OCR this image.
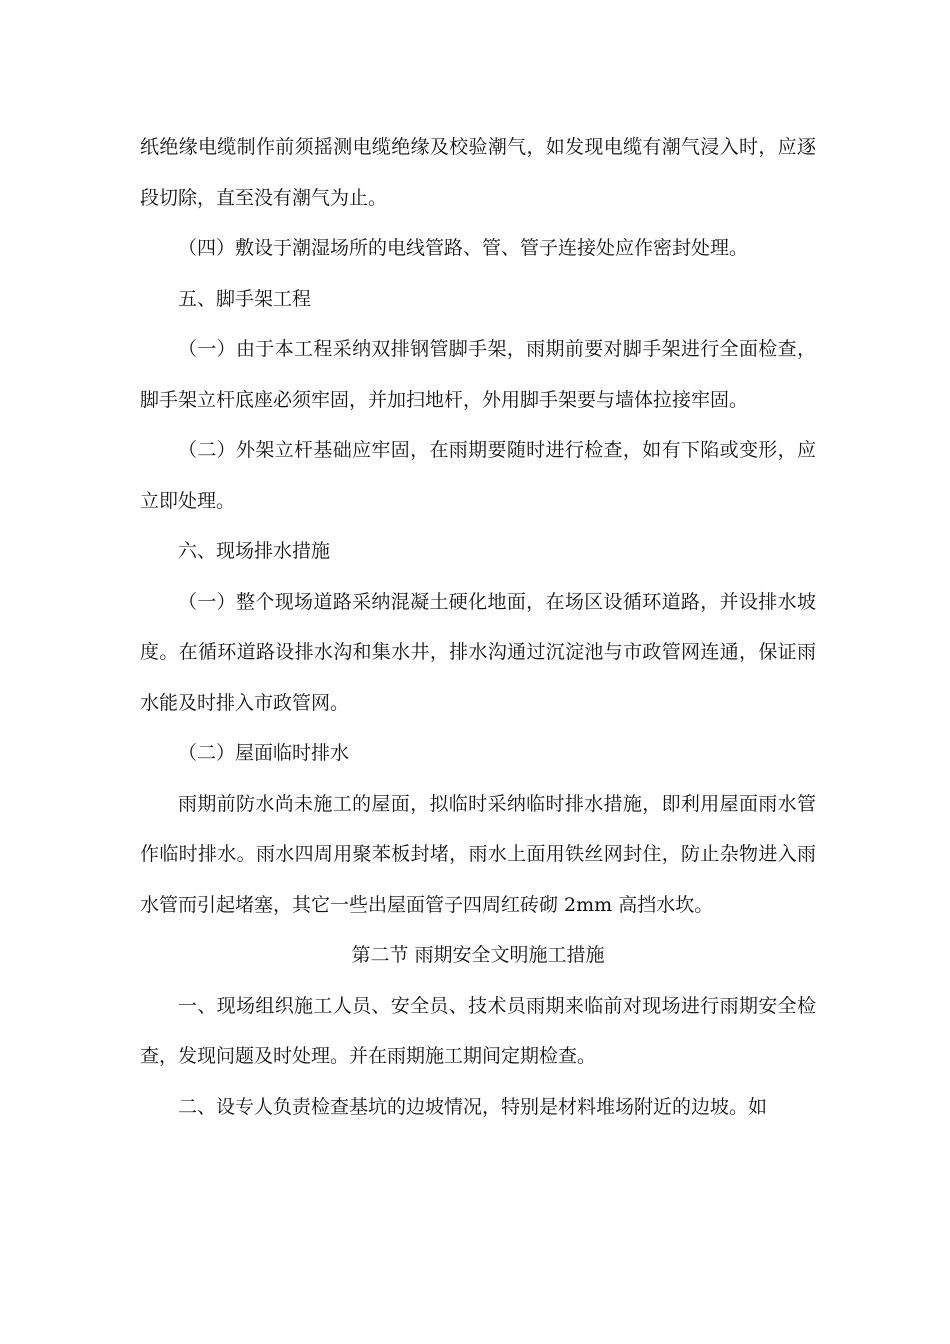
纸绝缘电缆制作前须摇测电缆绝缘及校验潮气，如发现电缆有潮气浸入时，应逐段切除，直至没有潮气为止。

（四）敷设于潮湿场所的电线管路、管、管子连接处应作密封处理。

五、脚手架工程

（一）由于本工程采纳双排钢管脚手架，雨期前要对脚手架进行全面检查，脚手架立杆底座必须牢固，并加扫地杆，外用脚手架要与墙体拉接牢固。

（二）外架立杆基础应牢固，在雨期要随时进行检查，如有下陷或变形，应立即处理。

六、现场排水措施

（一）整个现场道路采纳混凝土硬化地面，在场区设循环道路，并设排水坡度。在循环道路设排水沟和集水井，排水沟通过沉淀池与市政管网连通，保证雨水能及时排入市政管网。

（二）屋面临时排水

雨期前防水尚未施工的屋面，拟临时采纳临时排水措施，即利用屋面雨水管作临时排水。雨水四周用聚苯板封堵，雨水上面用铁丝网封住，防止杂物进入雨水管而引起堵塞，其它一些出屋面管子四周红砖砌 2mm 高挡水坎。

第二节 雨期安全文明施工措施

一、现场组织施工人员、安全员、技术员雨期来临前对现场进行雨期安全检查，发现问题及时处理。并在雨期施工期间定期检查。

二、设专人负责检查基坑的边坡情况，特别是材料堆场附近的边坡。如
